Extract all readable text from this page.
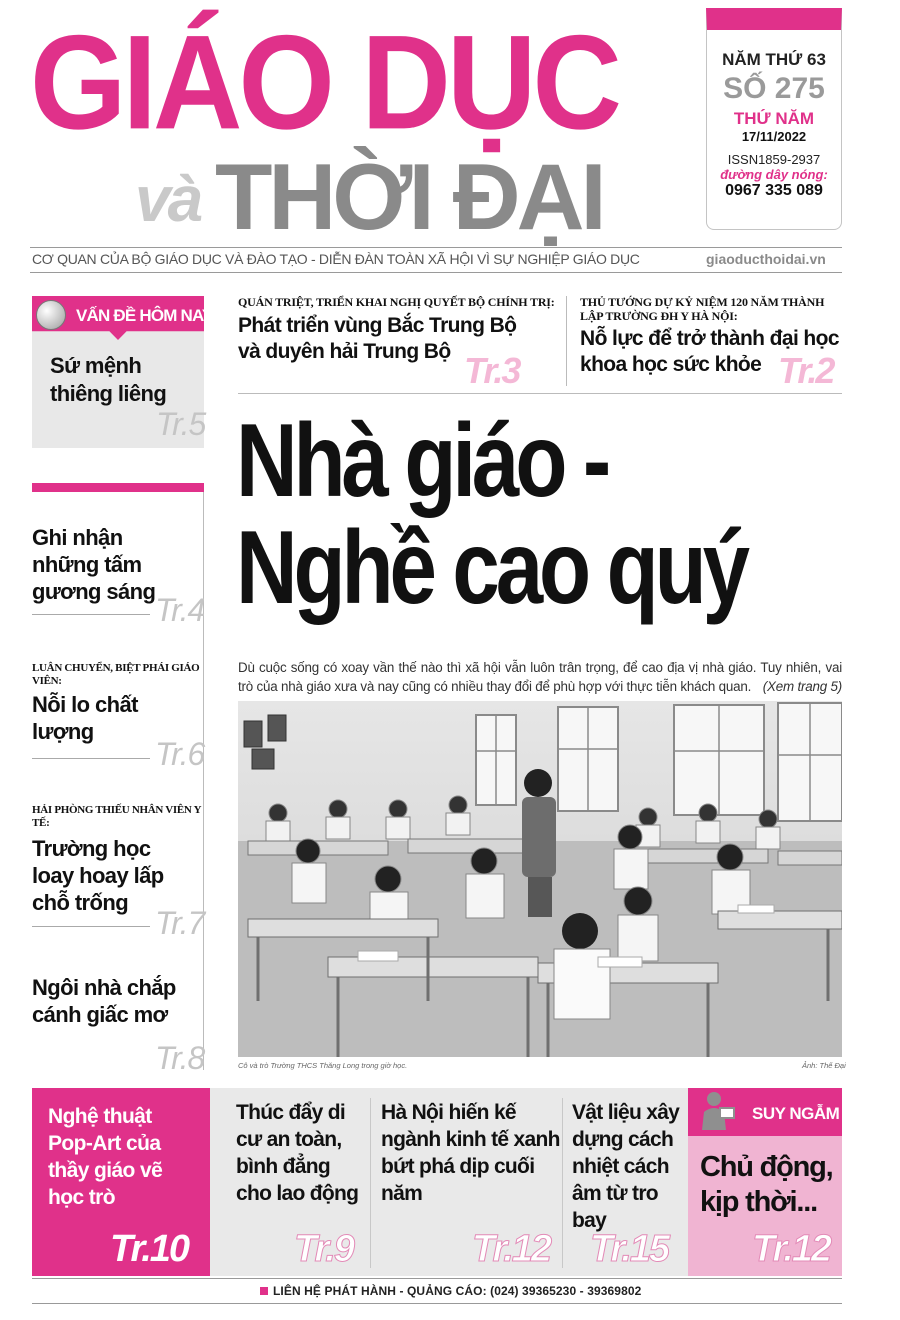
GIÁO DỤC
và THỜI ĐẠI
NĂM THỨ 63
SỐ 275
THỨ NĂM
17/11/2022
ISSN1859-2937
đường dây nóng:
0967 335 089
CƠ QUAN CỦA BỘ GIÁO DỤC VÀ ĐÀO TẠO - DIỄN ĐÀN TOÀN XÃ HỘI VÌ SỰ NGHIỆP GIÁO DỤC	giaoducthoidai.vn
VẤN ĐỀ HÔM NAY
Sứ mệnh thiêng liêng
Tr.5
Ghi nhận những tấm gương sáng
Tr.4
LUÂN CHUYỂN, BIỆT PHÁI GIÁO VIÊN:
Nỗi lo chất lượng
Tr.6
HẢI PHÒNG THIẾU NHÂN VIÊN Y TẾ:
Trường học loay hoay lấp chỗ trống
Tr.7
Ngôi nhà chắp cánh giấc mơ
Tr.8
QUÁN TRIỆT, TRIỂN KHAI NGHỊ QUYẾT BỘ CHÍNH TRỊ:
Phát triển vùng Bắc Trung Bộ và duyên hải Trung Bộ Tr.3
THỦ TƯỚNG DỰ KỶ NIỆM 120 NĂM THÀNH LẬP TRƯỜNG ĐH Y HÀ NỘI:
Nỗ lực để trở thành đại học khoa học sức khỏe Tr.2
Nhà giáo -
Nghề cao quý
Dù cuộc sống có xoay vần thế nào thì xã hội vẫn luôn trân trọng, để cao địa vị nhà giáo. Tuy nhiên, vai trò của nhà giáo xưa và nay cũng có nhiều thay đổi để phù hợp với thực tiễn khách quan. (Xem trang 5)
Cô và trò Trường THCS Thăng Long trong giờ học.	Ảnh: Thế Đại
Nghệ thuật Pop-Art của thầy giáo vẽ học trò
Tr.10
Thúc đẩy di cư an toàn, bình đẳng cho lao động
Tr.9
Hà Nội hiến kế ngành kinh tế xanh bứt phá dịp cuối năm
Tr.12
Vật liệu xây dựng cách nhiệt cách âm từ tro bay
Tr.15
SUY NGẪM
Chủ động, kịp thời...
Tr.12
LIÊN HỆ PHÁT HÀNH - QUẢNG CÁO: (024) 39365230 - 39369802
